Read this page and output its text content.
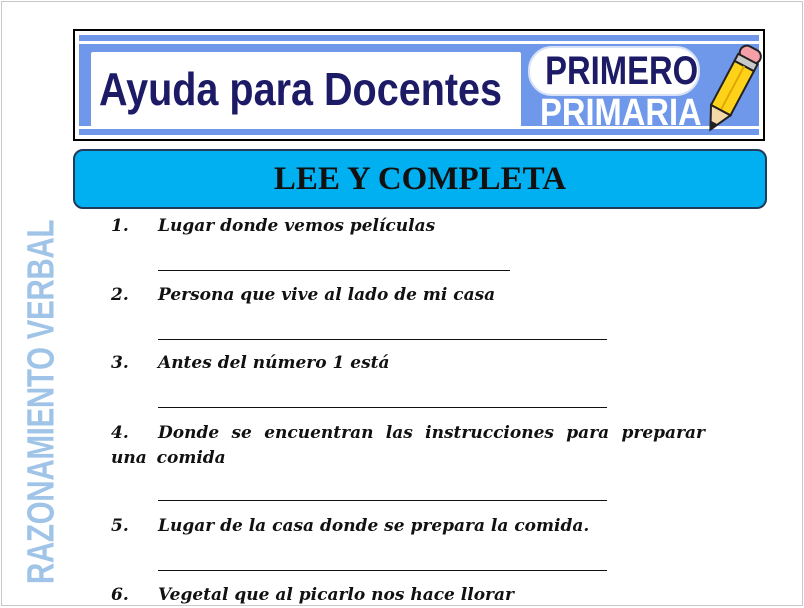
Ayuda para Docentes PRIMERO
PRIMARIA
LEE Y COMPLETA
RAZONAMIENTO VERBAL	1. Lugar donde vemos películas
2. Persona que vive al lado de mi casa
3. Antes del número 1 está
4. Donde se encuentran las instrucciones para preparar una comida
5. Lugar de la casa donde se prepara la comida.
6. Vegetal que al picarlo nos hace llorar
